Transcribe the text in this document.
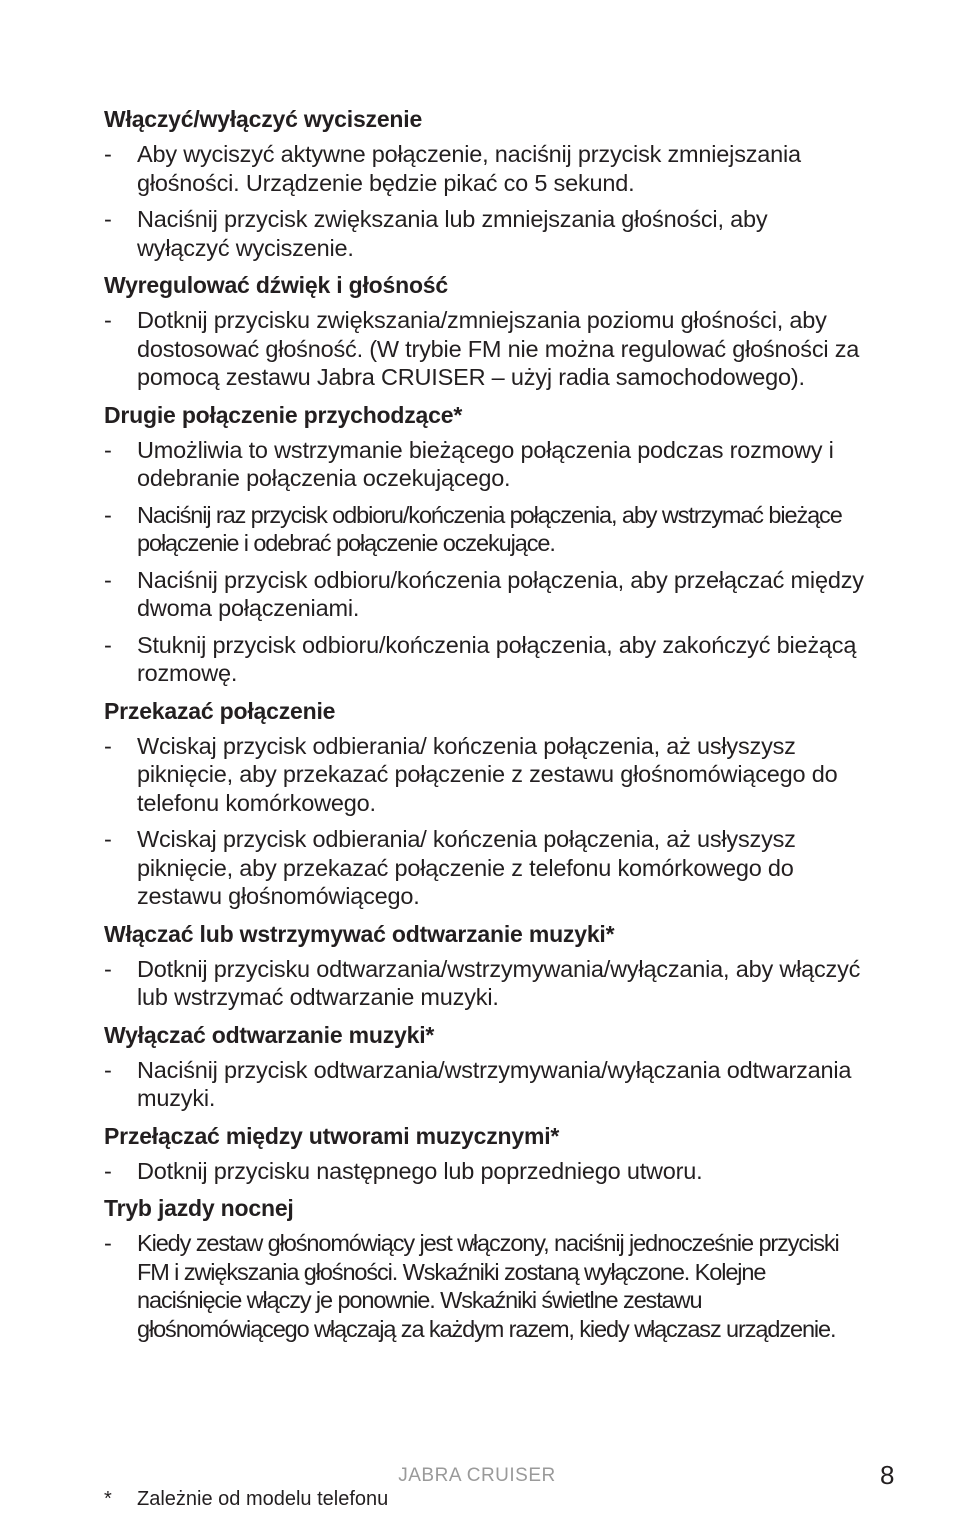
Włączyć/wyłączyć wyciszenie
- Aby wyciszyć aktywne połączenie, naciśnij przycisk zmniejszania głośności. Urządzenie będzie pikać co 5 sekund.
- Naciśnij przycisk zwiększania lub zmniejszania głośności, aby wyłączyć wyciszenie.
Wyregulować dźwięk i głośność
- Dotknij przycisku zwiększania/zmniejszania poziomu głośności, aby dostosować głośność. (W trybie FM nie można regulować głośności za pomocą zestawu Jabra CRUISER – użyj radia samochodowego).
Drugie połączenie przychodzące*
- Umożliwia to wstrzymanie bieżącego połączenia podczas rozmowy i odebranie połączenia oczekującego.
- Naciśnij raz przycisk odbioru/kończenia połączenia, aby wstrzymać bieżące połączenie i odebrać połączenie oczekujące.
- Naciśnij przycisk odbioru/kończenia połączenia, aby przełączać między dwoma połączeniami.
- Stuknij przycisk odbioru/kończenia połączenia, aby zakończyć bieżącą rozmowę.
Przekazać połączenie
- Wciskaj przycisk odbierania/ kończenia połączenia, aż usłyszysz piknięcie, aby przekazać połączenie z zestawu głośnomówiącego do telefonu komórkowego.
- Wciskaj przycisk odbierania/ kończenia połączenia, aż usłyszysz piknięcie, aby przekazać połączenie z telefonu komórkowego do zestawu głośnomówiącego.
Włączać lub wstrzymywać odtwarzanie muzyki*
- Dotknij przycisku odtwarzania/wstrzymywania/wyłączania, aby włączyć lub wstrzymać odtwarzanie muzyki.
Wyłączać odtwarzanie muzyki*
- Naciśnij przycisk odtwarzania/wstrzymywania/wyłączania odtwarzania muzyki.
Przełączać między utworami muzycznymi*
- Dotknij przycisku następnego lub poprzedniego utworu.
Tryb jazdy nocnej
- Kiedy zestaw głośnomówiący jest włączony, naciśnij jednocześnie przyciski FM i zwiększania głośności. Wskaźniki zostaną wyłączone. Kolejne naciśnięcie włączy je ponownie. Wskaźniki świetlne zestawu głośnomówiącego włączają za każdym razem, kiedy włączasz urządzenie.
JABRA CRUISER	8
* Zależnie od modelu telefonu
